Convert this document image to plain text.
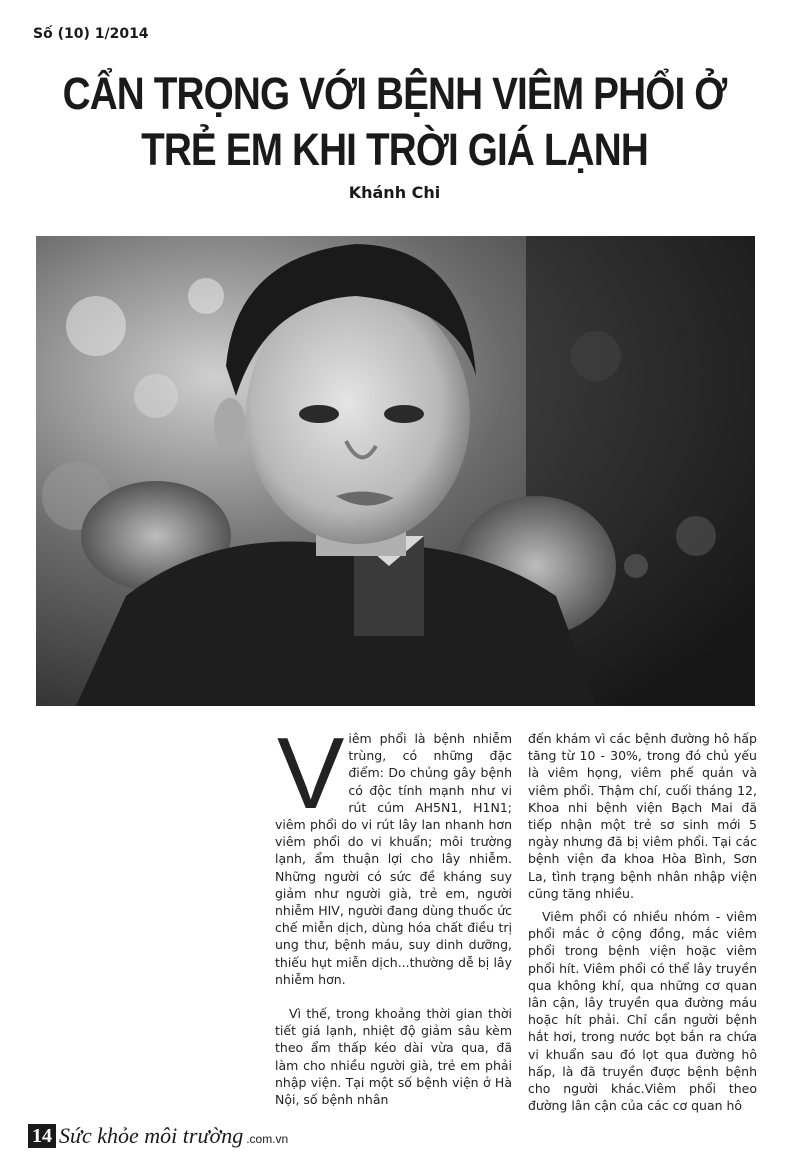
Số (10) 1/2014
CẨN TRỌNG VỚI BỆNH VIÊM PHỔI Ở
TRẺ EM KHI TRỜI GIÁ LẠNH
Khánh Chi
V iêm phổi là bệnh nhiễm trùng, có những đặc điểm: Do chủng gây bệnh có độc tính mạnh như vi rút cúm AH5N1, H1N1; viêm phổi do vi rút lây lan nhanh hơn viêm phổi do vi khuẩn; môi trường lạnh, ẩm thuận lợi cho lây nhiễm. Những người có sức đề kháng suy giảm như người già, trẻ em, người nhiễm HIV, người đang dùng thuốc ức chế miễn dịch, dùng hóa chất điều trị ung thư, bệnh máu, suy dinh dưỡng, thiếu hụt miễn dịch...thường dễ bị lây nhiễm hơn.

Vì thế, trong khoảng thời gian thời tiết giá lạnh, nhiệt độ giảm sâu kèm theo ẩm thấp kéo dài vừa qua, đã làm cho nhiều người già, trẻ em phải nhập viện. Tại một số bệnh viện ở Hà Nội, số bệnh nhân

đến khám vì các bệnh đường hô hấp tăng từ 10 - 30%, trong đó chủ yếu là viêm họng, viêm phế quản và viêm phổi. Thậm chí, cuối tháng 12, Khoa nhi bệnh viện Bạch Mai đã tiếp nhận một trẻ sơ sinh mới 5 ngày nhưng đã bị viêm phổi. Tại các bệnh viện đa khoa Hòa Bình, Sơn La, tình trạng bệnh nhân nhập viện cũng tăng nhiều.

Viêm phổi có nhiều nhóm - viêm phổi mắc ở cộng đồng, mắc viêm phổi trong bệnh viện hoặc viêm phổi hít. Viêm phổi có thể lây truyền qua không khí, qua những cơ quan lân cận, lây truyền qua đường máu hoặc hít phải. Chỉ cần người bệnh hắt hơi, trong nước bọt bắn ra chứa vi khuẩn sau đó lọt qua đường hô hấp, là đã truyền được bệnh bệnh cho người khác.Viêm phổi theo đường lân cận của các cơ quan hô

14 Sức khỏe môi trường .com.vn
